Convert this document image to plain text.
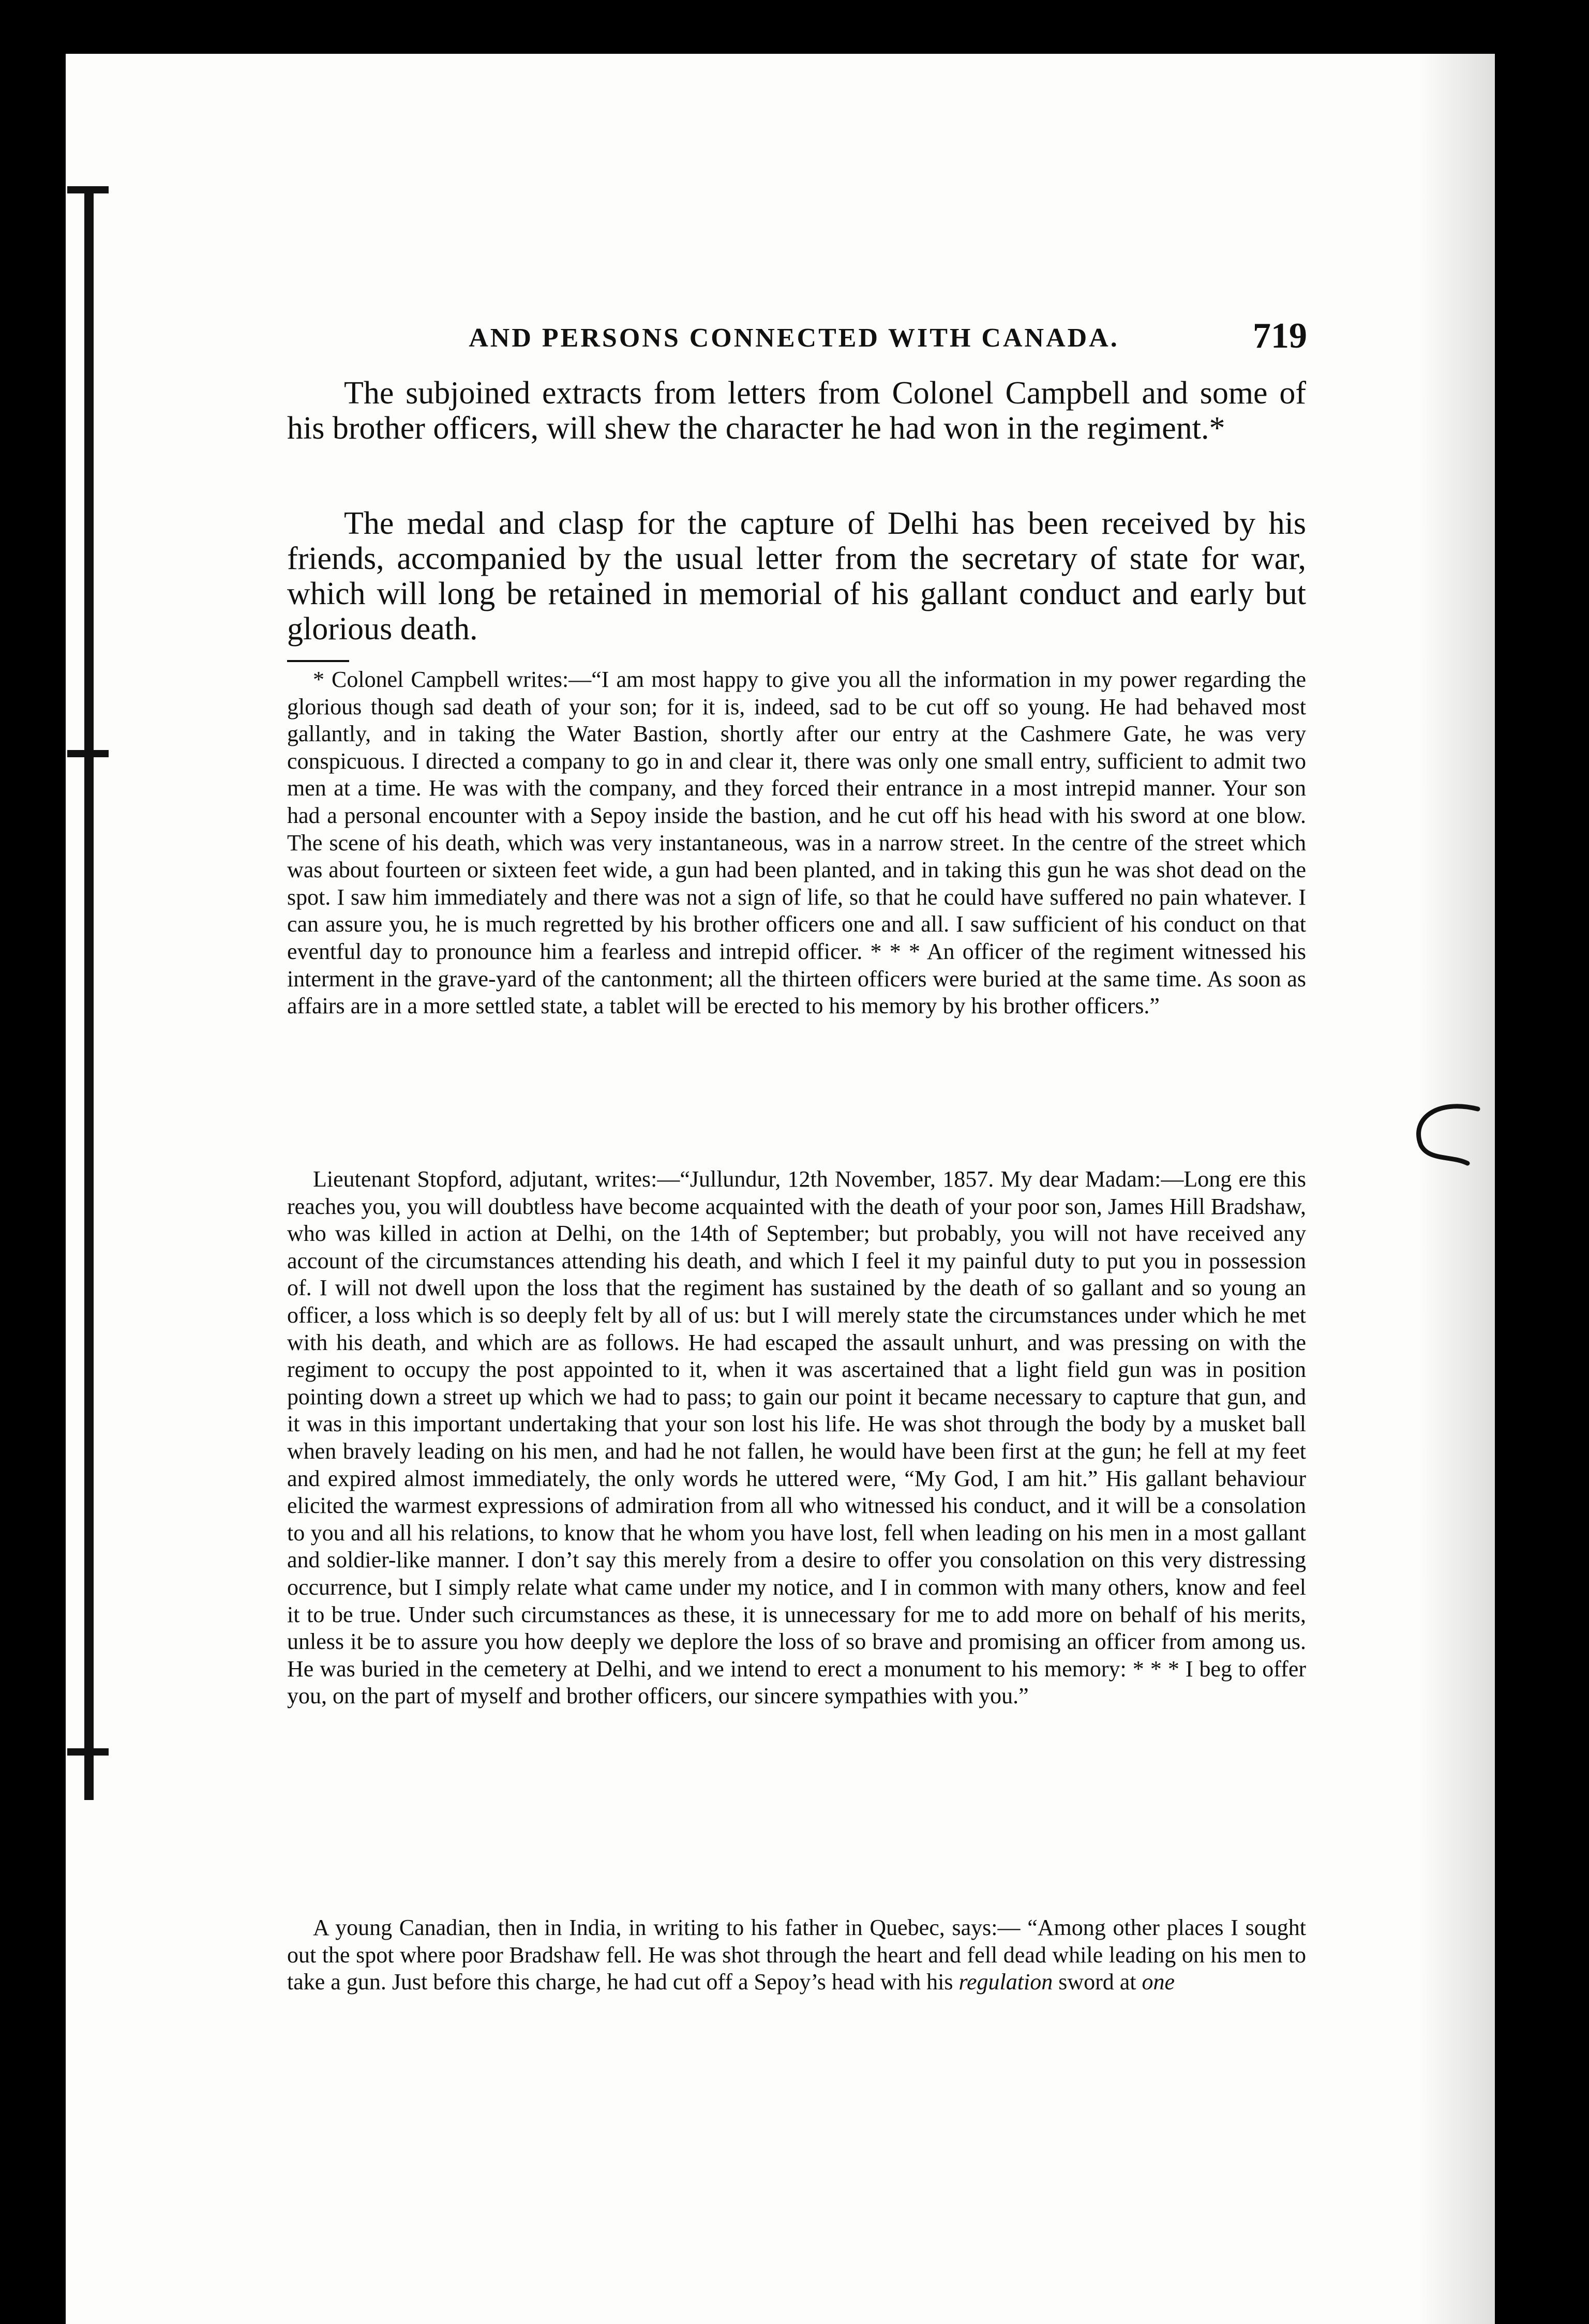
AND PERSONS CONNECTED WITH CANADA.	719

The subjoined extracts from letters from Colonel Campbell and some of his brother officers, will shew the character he had won in the regiment.*

The medal and clasp for the capture of Delhi has been received by his friends, accompanied by the usual letter from the secretary of state for war, which will long be retained in memorial of his gallant conduct and early but glorious death.

* Colonel Campbell writes:—“I am most happy to give you all the information in my power regarding the glorious though sad death of your son; for it is, indeed, sad to be cut off so young. He had behaved most gallantly, and in taking the Water Bastion, shortly after our entry at the Cashmere Gate, he was very conspicuous. I directed a company to go in and clear it, there was only one small entry, sufficient to admit two men at a time. He was with the company, and they forced their entrance in a most intrepid manner. Your son had a personal encounter with a Sepoy inside the bastion, and he cut off his head with his sword at one blow. The scene of his death, which was very instantaneous, was in a narrow street. In the centre of the street which was about fourteen or sixteen feet wide, a gun had been planted, and in taking this gun he was shot dead on the spot. I saw him immediately and there was not a sign of life, so that he could have suffered no pain whatever. I can assure you, he is much regretted by his brother officers one and all. I saw sufficient of his conduct on that eventful day to pronounce him a fearless and intrepid officer. * * * An officer of the regiment witnessed his interment in the grave-yard of the cantonment; all the thirteen officers were buried at the same time. As soon as affairs are in a more settled state, a tablet will be erected to his memory by his brother officers.”

Lieutenant Stopford, adjutant, writes:—“Jullundur, 12th November, 1857. My dear Madam:—Long ere this reaches you, you will doubtless have become acquainted with the death of your poor son, James Hill Bradshaw, who was killed in action at Delhi, on the 14th of September; but probably, you will not have received any account of the circumstances attending his death, and which I feel it my painful duty to put you in possession of. I will not dwell upon the loss that the regiment has sustained by the death of so gallant and so young an officer, a loss which is so deeply felt by all of us: but I will merely state the circumstances under which he met with his death, and which are as follows. He had escaped the assault unhurt, and was pressing on with the regiment to occupy the post appointed to it, when it was ascertained that a light field gun was in position pointing down a street up which we had to pass; to gain our point it became necessary to capture that gun, and it was in this important undertaking that your son lost his life. He was shot through the body by a musket ball when bravely leading on his men, and had he not fallen, he would have been first at the gun; he fell at my feet and expired almost immediately, the only words he uttered were, “My God, I am hit.” His gallant behaviour elicited the warmest expressions of admiration from all who witnessed his conduct, and it will be a consolation to you and all his relations, to know that he whom you have lost, fell when leading on his men in a most gallant and soldier-like manner. I don’t say this merely from a desire to offer you consolation on this very distressing occurrence, but I simply relate what came under my notice, and I in common with many others, know and feel it to be true. Under such circumstances as these, it is unnecessary for me to add more on behalf of his merits, unless it be to assure you how deeply we deplore the loss of so brave and promising an officer from among us. He was buried in the cemetery at Delhi, and we intend to erect a monument to his memory: * * * I beg to offer you, on the part of myself and brother officers, our sincere sympathies with you.”

A young Canadian, then in India, in writing to his father in Quebec, says:— “Among other places I sought out the spot where poor Bradshaw fell. He was shot through the heart and fell dead while leading on his men to take a gun. Just before this charge, he had cut off a Sepoy’s head with his regulation sword at one
